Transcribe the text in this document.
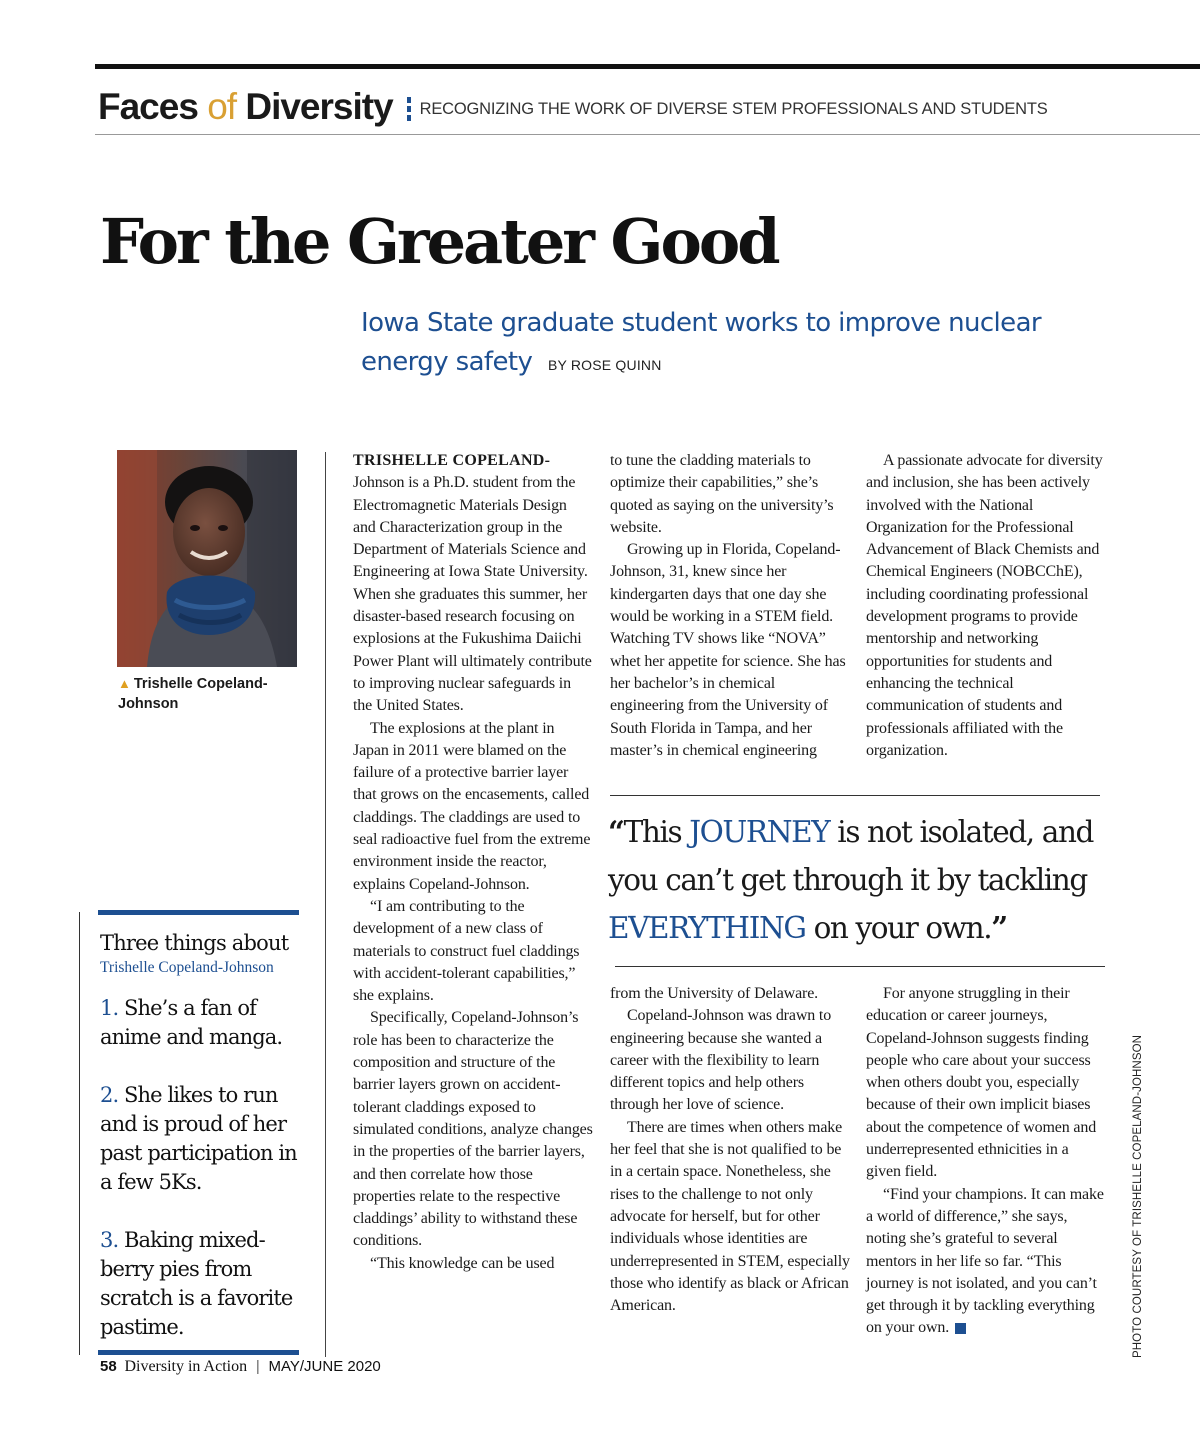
Faces of Diversity RECOGNIZING THE WORK OF DIVERSE STEM PROFESSIONALS AND STUDENTS
For the Greater Good
Iowa State graduate student works to improve nuclear energy safety BY ROSE QUINN
▲ Trishelle Copeland-Johnson
Three things about
Trishelle Copeland-Johnson
1. She’s a fan of anime and manga.
2. She likes to run and is proud of her past participation in a few 5Ks.
3. Baking mixed-berry pies from scratch is a favorite pastime.

TRISHELLE COPELAND-
Johnson is a Ph.D. student from the Electromagnetic Materials Design and Characterization group in the Department of Materials Science and Engineering at Iowa State University. When she graduates this summer, her disaster-based research focusing on explosions at the Fukushima Daiichi Power Plant will ultimately contribute to improving nuclear safeguards in the United States.

The explosions at the plant in Japan in 2011 were blamed on the failure of a protective barrier layer that grows on the encasements, called claddings. The claddings are used to seal radioactive fuel from the extreme environment inside the reactor, explains Copeland-Johnson.

“I am contributing to the development of a new class of materials to construct fuel claddings with accident-tolerant capabilities,” she explains.

Specifically, Copeland-Johnson’s role has been to characterize the composition and structure of the barrier layers grown on accident-tolerant claddings exposed to simulated conditions, analyze changes in the properties of the barrier layers, and then correlate how those properties relate to the respective claddings’ ability to withstand these conditions.

“This knowledge can be used

to tune the cladding materials to optimize their capabilities,” she’s quoted as saying on the university’s website.

Growing up in Florida, Copeland-Johnson, 31, knew since her kindergarten days that one day she would be working in a STEM field. Watching TV shows like “NOVA” whet her appetite for science. She has her bachelor’s in chemical engineering from the University of South Florida in Tampa, and her master’s in chemical engineering

A passionate advocate for diversity and inclusion, she has been actively involved with the National Organization for the Professional Advancement of Black Chemists and Chemical Engineers (NOBCChE), including coordinating professional development programs to provide mentorship and networking opportunities for students and enhancing the technical communication of students and professionals affiliated with the organization.

“This JOURNEY is not isolated, and you can’t get through it by tackling EVERYTHING on your own.”

from the University of Delaware.

Copeland-Johnson was drawn to engineering because she wanted a career with the flexibility to learn different topics and help others through her love of science.

There are times when others make her feel that she is not qualified to be in a certain space. Nonetheless, she rises to the challenge to not only advocate for herself, but for other individuals whose identities are underrepresented in STEM, especially those who identify as black or African American.

For anyone struggling in their education or career journeys, Copeland-Johnson suggests finding people who care about your success when others doubt you, especially because of their own implicit biases about the competence of women and underrepresented ethnicities in a given field.

“Find your champions. It can make a world of difference,” she says, noting she’s grateful to several mentors in her life so far. “This journey is not isolated, and you can’t get through it by tackling everything on your own.	PHOTO COURTESY OF TRISHELLE COPELAND-JOHNSON
58 Diversity in Action | MAY/JUNE 2020
